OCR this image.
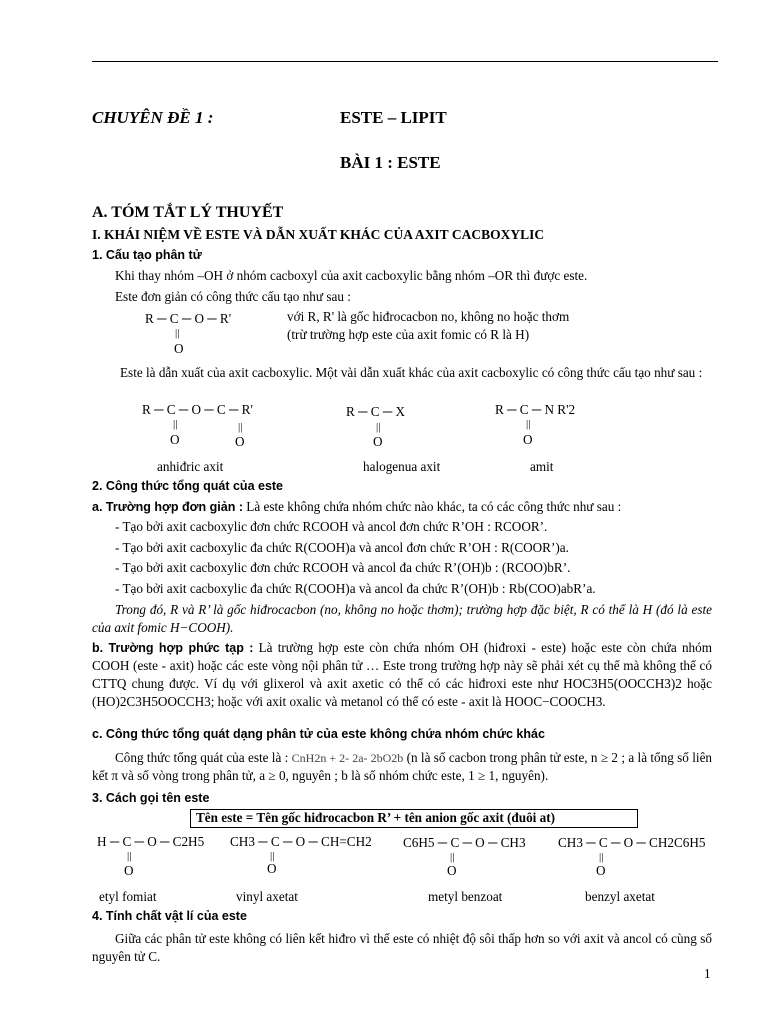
CHUYÊN ĐỀ 1 :	ESTE – LIPIT
BÀI 1 : ESTE
A. TÓM TẮT LÝ THUYẾT
I. KHÁI NIỆM VỀ ESTE VÀ DẪN XUẤT KHÁC CỦA AXIT CACBOXYLIC
1. Cấu tạo phân tử
Khi thay nhóm –OH ở nhóm cacboxyl của axit cacboxylic bằng nhóm –OR thì được este.
Este đơn giản có công thức cấu tạo như sau :
R ─ C ─ O ─ R'
||
O
với R, R' là gốc hiđrocacbon no, không no hoặc thơm
(trừ trường hợp este của axit fomic có R là H)
Este là dẫn xuất của axit cacboxylic. Một vài dẫn xuất khác của axit cacboxylic có công thức cấu tạo như sau :
R ─ C ─ O ─ C ─ R'
||	||
O	O
R ─ C ─ X
||
O
R ─ C ─ N R'2
||
O
anhiđric axit	halogenua axit	amit
2. Công thức tổng quát của este
a. Trường hợp đơn giản : Là este không chứa nhóm chức nào khác, ta có các công thức như sau :
- Tạo bởi axit cacboxylic đơn chức RCOOH và ancol đơn chức R’OH : RCOOR’.
- Tạo bởi axit cacboxylic đa chức R(COOH)a và ancol đơn chức R’OH : R(COOR’)a.
- Tạo bởi axit cacboxylic đơn chức RCOOH và ancol đa chức R’(OH)b : (RCOO)bR’.
- Tạo bởi axit cacboxylic đa chức R(COOH)a và ancol đa chức R’(OH)b : Rb(COO)abR’a.
Trong đó, R và R’ là gốc hiđrocacbon (no, không no hoặc thơm); trường hợp đặc biệt, R có thể là H (đó là este của axit fomic H−COOH).
b. Trường hợp phức tạp : Là trường hợp este còn chứa nhóm OH (hiđroxi - este) hoặc este còn chứa nhóm COOH (este - axit) hoặc các este vòng nội phân tử … Este trong trường hợp này sẽ phải xét cụ thể mà không thể có CTTQ chung được. Ví dụ với glixerol và axit axetic có thể có các hiđroxi este như HOC3H5(OOCCH3)2 hoặc (HO)2C3H5OOCCH3; hoặc với axit oxalic và metanol có thể có este - axit là HOOC−COOCH3.
c. Công thức tổng quát dạng phân tử của este không chứa nhóm chức khác
Công thức tổng quát của este là : CnH2n + 2- 2a- 2bO2b (n là số cacbon trong phân tử este, n ≥ 2 ; a là tổng số liên kết π và số vòng trong phân tử, a ≥ 0, nguyên ; b là số nhóm chức este, 1 ≥ 1, nguyên).
3. Cách gọi tên este
Tên este = Tên gốc hiđrocacbon R’ + tên anion gốc axit (đuôi at)
H ─ C ─ O ─ C2H5
||
O
CH3 ─ C ─ O ─ CH=CH2
||
O
C6H5 ─ C ─ O ─ CH3
||
O
CH3 ─ C ─ O ─ CH2C6H5
||
O
etyl fomiat	vinyl axetat	metyl benzoat	benzyl axetat
4. Tính chất vật lí của este
Giữa các phân tử este không có liên kết hiđro vì thế este có nhiệt độ sôi thấp hơn so với axit và ancol có cùng số nguyên tử C.
1
